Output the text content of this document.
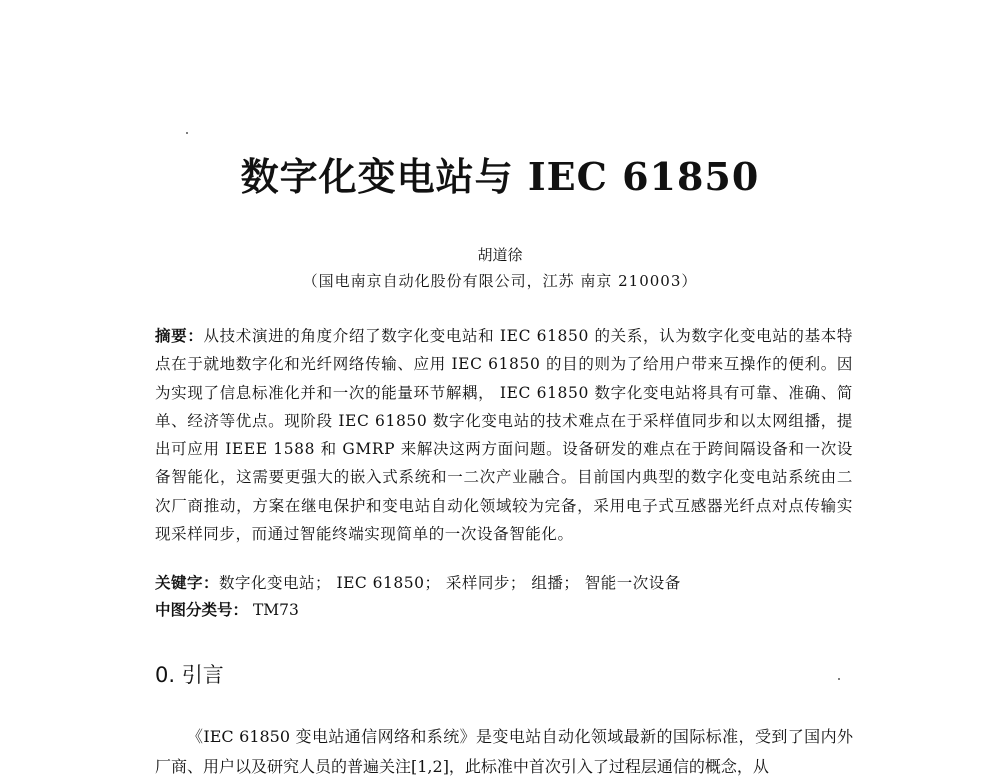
数字化变电站与 IEC 61850
胡道徐
（国电南京自动化股份有限公司，江苏 南京 210003）
摘要：从技术演进的角度介绍了数字化变电站和 IEC 61850 的关系，认为数字化变电站的基本特点在于就地数字化和光纤网络传输、应用 IEC 61850 的目的则为了给用户带来互操作的便利。因为实现了信息标准化并和一次的能量环节解耦， IEC 61850 数字化变电站将具有可靠、准确、简单、经济等优点。现阶段 IEC 61850 数字化变电站的技术难点在于采样值同步和以太网组播，提出可应用 IEEE 1588 和 GMRP 来解决这两方面问题。设备研发的难点在于跨间隔设备和一次设备智能化，这需要更强大的嵌入式系统和一二次产业融合。目前国内典型的数字化变电站系统由二次厂商推动，方案在继电保护和变电站自动化领域较为完备，采用电子式互感器光纤点对点传输实现采样同步，而通过智能终端实现简单的一次设备智能化。
关键字：数字化变电站； IEC 61850； 采样同步； 组播； 智能一次设备
中图分类号： TM73
0. 引言
《IEC 61850 变电站通信网络和系统》是变电站自动化领域最新的国际标准，受到了国内外厂商、用户以及研究人员的普遍关注[1,2]，此标准中首次引入了过程层通信的概念，从
